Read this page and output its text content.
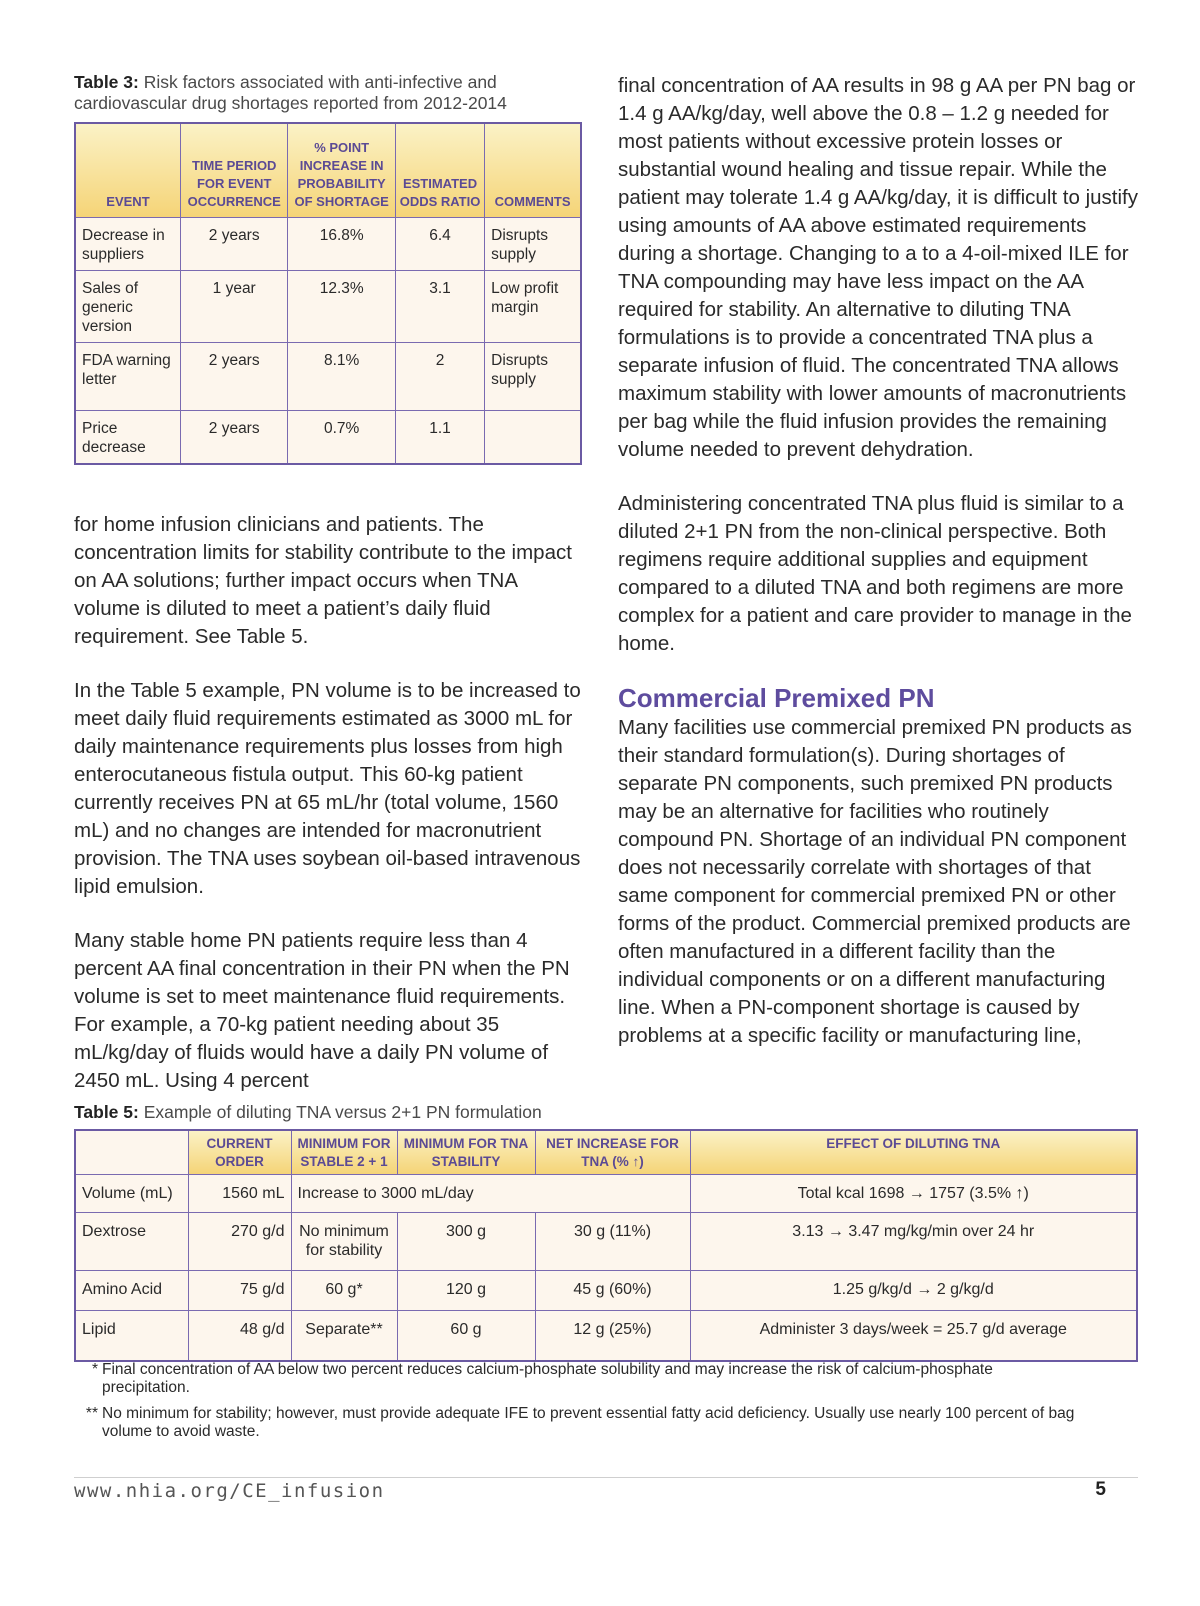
Table 3: Risk factors associated with anti-infective and cardiovascular drug shortages reported from 2012-2014
EVENT	TIME PERIOD FOR EVENT OCCURRENCE	% POINT INCREASE IN PROBABILITY OF SHORTAGE	ESTIMATED ODDS RATIO	COMMENTS
Decrease in suppliers	2 years	16.8%	6.4	Disrupts supply
Sales of generic version	1 year	12.3%	3.1	Low profit margin
FDA warning letter	2 years	8.1%	2	Disrupts supply
Price decrease	2 years	0.7%	1.1	

for home infusion clinicians and patients. The concentration limits for stability contribute to the impact on AA solutions; further impact occurs when TNA volume is diluted to meet a patient’s daily fluid requirement. See Table 5.

In the Table 5 example, PN volume is to be increased to meet daily fluid requirements estimated as 3000 mL for daily maintenance requirements plus losses from high enterocutaneous fistula output. This 60-kg patient currently receives PN at 65 mL/hr (total volume, 1560 mL) and no changes are intended for macronutrient provision. The TNA uses soybean oil-based intravenous lipid emulsion.

Many stable home PN patients require less than 4 percent AA final concentration in their PN when the PN volume is set to meet maintenance fluid requirements. For example, a 70-kg patient needing about 35 mL/kg/day of fluids would have a daily PN volume of 2450 mL. Using 4 percent

final concentration of AA results in 98 g AA per PN bag or 1.4 g AA/kg/day, well above the 0.8 – 1.2 g needed for most patients without excessive protein losses or substantial wound healing and tissue repair. While the patient may tolerate 1.4 g AA/kg/day, it is difficult to justify using amounts of AA above estimated requirements during a shortage. Changing to a to a 4-oil-mixed ILE for TNA compounding may have less impact on the AA required for stability. An alternative to diluting TNA formulations is to provide a concentrated TNA plus a separate infusion of fluid. The concentrated TNA allows maximum stability with lower amounts of macronutrients per bag while the fluid infusion provides the remaining volume needed to prevent dehydration.

Administering concentrated TNA plus fluid is similar to a diluted 2+1 PN from the non-clinical perspective. Both regimens require additional supplies and equipment compared to a diluted TNA and both regimens are more complex for a patient and care provider to manage in the home.

Commercial Premixed PN

Many facilities use commercial premixed PN products as their standard formulation(s). During shortages of separate PN components, such premixed PN products may be an alternative for facilities who routinely compound PN. Shortage of an individual PN component does not necessarily correlate with shortages of that same component for commercial premixed PN or other forms of the product. Commercial premixed products are often manufactured in a different facility than the individual components or on a different manufacturing line. When a PN-component shortage is caused by problems at a specific facility or manufacturing line,

Table 5: Example of diluting TNA versus 2+1 PN formulation
	CURRENT ORDER	MINIMUM FOR STABLE 2 + 1	MINIMUM FOR TNA STABILITY	NET INCREASE FOR TNA (% ↑)	EFFECT OF DILUTING TNA
Volume (mL)	1560 mL	Increase to 3000 mL/day			Total kcal 1698 → 1757 (3.5% ↑)
Dextrose	270 g/d	No minimum for stability	300 g	30 g (11%)	3.13 → 3.47 mg/kg/min over 24 hr
Amino Acid	75 g/d	60 g*	120 g	45 g (60%)	1.25 g/kg/d → 2 g/kg/d
Lipid	48 g/d	Separate**	60 g	12 g (25%)	Administer 3 days/week = 25.7 g/d average

* Final concentration of AA below two percent reduces calcium-phosphate solubility and may increase the risk of calcium-phosphate precipitation.

** No minimum for stability; however, must provide adequate IFE to prevent essential fatty acid deficiency. Usually use nearly 100 percent of bag volume to avoid waste.

www.nhia.org/CE_infusion	5
